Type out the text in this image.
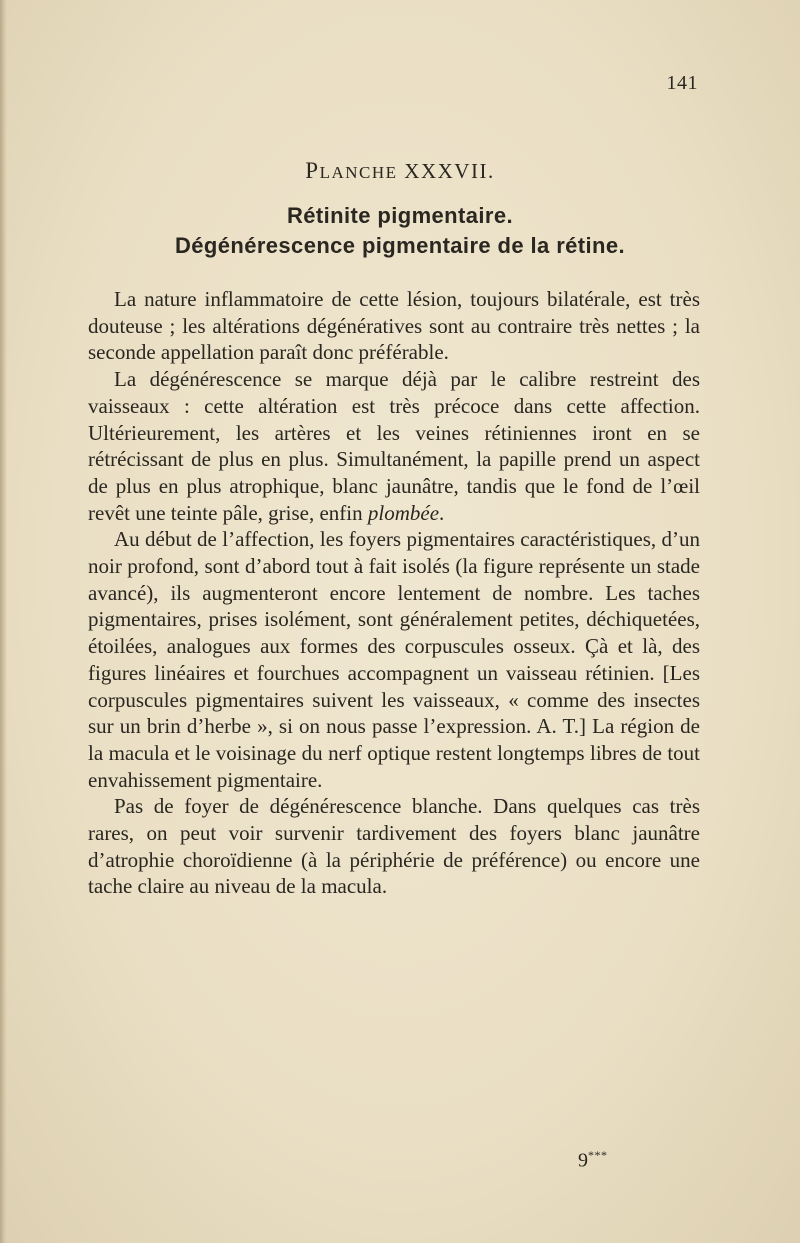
141
PLANCHE XXXVII.
Rétinite pigmentaire.
Dégénérescence pigmentaire de la rétine.

La nature inflammatoire de cette lésion, toujours bilatérale, est très douteuse ; les altérations dégénératives sont au contraire très nettes ; la seconde appellation paraît donc préférable.

La dégénérescence se marque déjà par le calibre restreint des vaisseaux : cette altération est très précoce dans cette affection. Ultérieurement, les artères et les veines rétiniennes iront en se rétrécissant de plus en plus. Simultanément, la papille prend un aspect de plus en plus atrophique, blanc jaunâtre, tandis que le fond de l’œil revêt une teinte pâle, grise, enfin plombée.

Au début de l’affection, les foyers pigmentaires caractéristiques, d’un noir profond, sont d’abord tout à fait isolés (la figure représente un stade avancé), ils augmenteront encore lentement de nombre. Les taches pigmentaires, prises isolément, sont généralement petites, déchiquetées, étoilées, analogues aux formes des corpuscules osseux. Çà et là, des figures linéaires et fourchues accompagnent un vaisseau rétinien. [Les corpuscules pigmentaires suivent les vaisseaux, « comme des insectes sur un brin d’herbe », si on nous passe l’expression. A. T.] La région de la macula et le voisinage du nerf optique restent longtemps libres de tout envahissement pigmentaire.

Pas de foyer de dégénérescence blanche. Dans quelques cas très rares, on peut voir survenir tardivement des foyers blanc jaunâtre d’atrophie choroïdienne (à la périphérie de préférence) ou encore une tache claire au niveau de la macula.

9***
